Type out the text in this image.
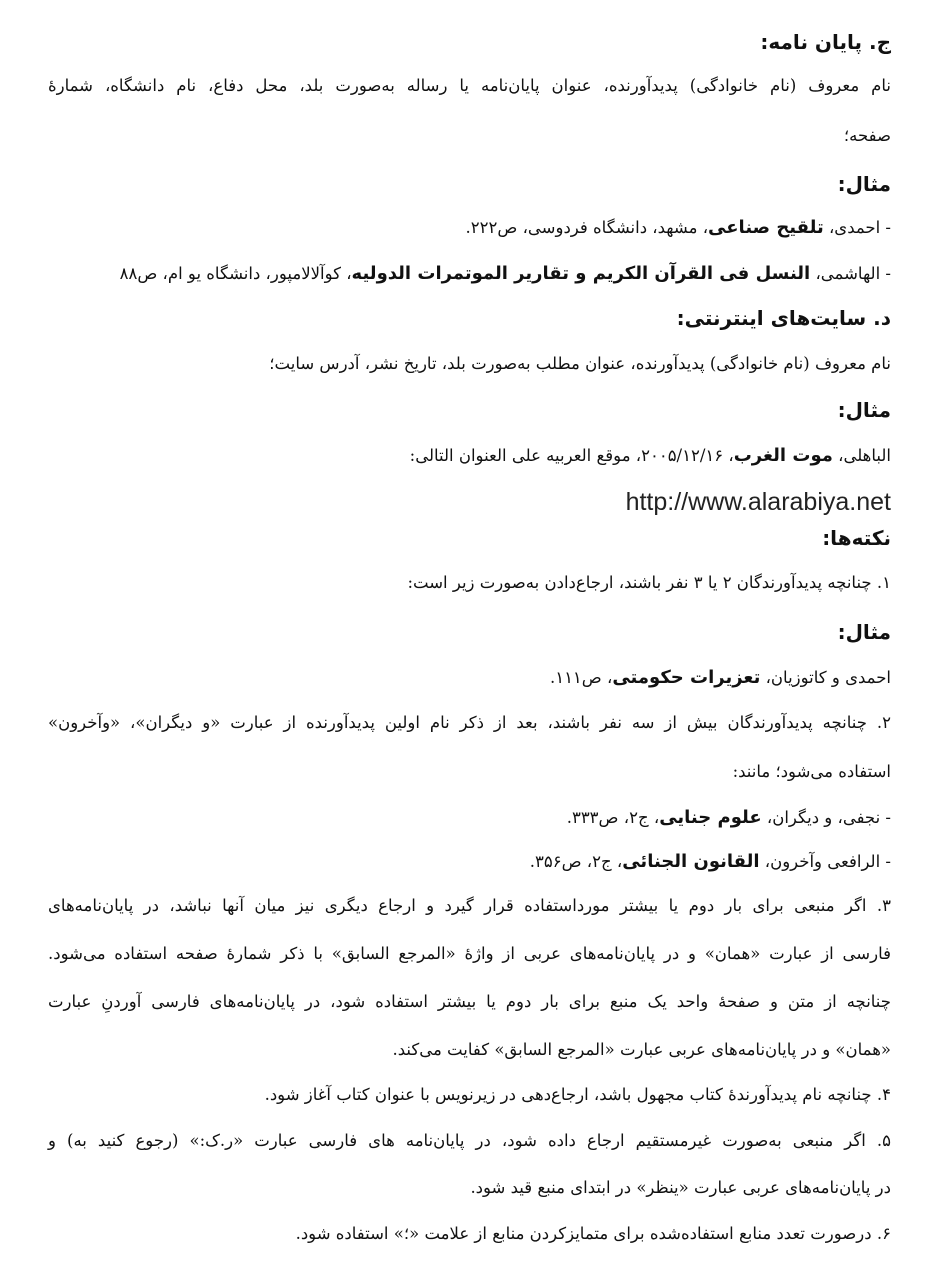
ج. پایان نامه:
نام معروف (نام خانوادگی) پدیدآورنده، عنوان پایان‌نامه یا رساله به‌صورت بلد، محل دفاع، نام دانشگاه، شمارهٔ
صفحه؛
مثال:
- احمدی، تلقیح صناعی، مشهد، دانشگاه فردوسی، ص۲۲۲.
- الهاشمی، النسل فی القرآن الکریم و تقاریر الموتمرات الدولیه، کوآلالامپور، دانشگاه یو ام، ص۸۸
د. سایت‌های اینترنتی:
نام معروف (نام خانوادگی) پدیدآورنده، عنوان مطلب به‌صورت بلد، تاریخ نشر، آدرس سایت؛
مثال:
الباهلی، موت الغرب، ۲۰۰۵/۱۲/۱۶، موقع العربیه علی العنوان التالی:
http://www.alarabiya.net
نکته‌ها:
۱. چنانچه پدیدآورندگان ۲ یا ۳ نفر باشند، ارجاع‌دادن به‌صورت زیر است:
مثال:
احمدی و کاتوزیان، تعزیرات حکومتی، ص۱۱۱.
۲. چنانچه پدیدآورندگان بیش از سه نفر باشند، بعد از ذکر نام اولین پدیدآورنده از عبارت «و دیگران»، «وآخرون»
استفاده می‌شود؛ مانند:
- نجفی، و دیگران، علوم جنایی، ج۲، ص۳۳۳.
- الرافعی وآخرون، القانون الجنائی، ج۲، ص۳۵۶.
۳. اگر منبعی برای بار دوم یا بیشتر مورداستفاده قرار گیرد و ارجاع دیگری نیز میان آنها نباشد، در پایان‌نامه‌های
فارسی از عبارت «همان» و در پایان‌نامه‌های عربی از واژهٔ «المرجع السابق» با ذکر شمارهٔ صفحه استفاده می‌شود.
چنانچه از متن و صفحهٔ واحد یک منبع برای بار دوم یا بیشتر استفاده شود، در پایان‌نامه‌های فارسی آوردنِ عبارت
«همان» و در پایان‌نامه‌های عربی عبارت «المرجع السابق» کفایت می‌کند.
۴. چنانچه نام پدیدآورندهٔ کتاب مجهول باشد، ارجاع‌دهی در زیرنویس با عنوان کتاب آغاز شود.
۵. اگر منبعی به‌صورت غیرمستقیم ارجاع داده شود، در پایان‌نامه های فارسی عبارت «ر.ک:» (رجوع کنید به) و
در پایان‌نامه‌های عربی عبارت «ینظر» در ابتدای منبع قید شود.
۶. درصورت تعدد منابع استفاده‌شده برای متمایزکردن منابع از علامت «؛» استفاده شود.
